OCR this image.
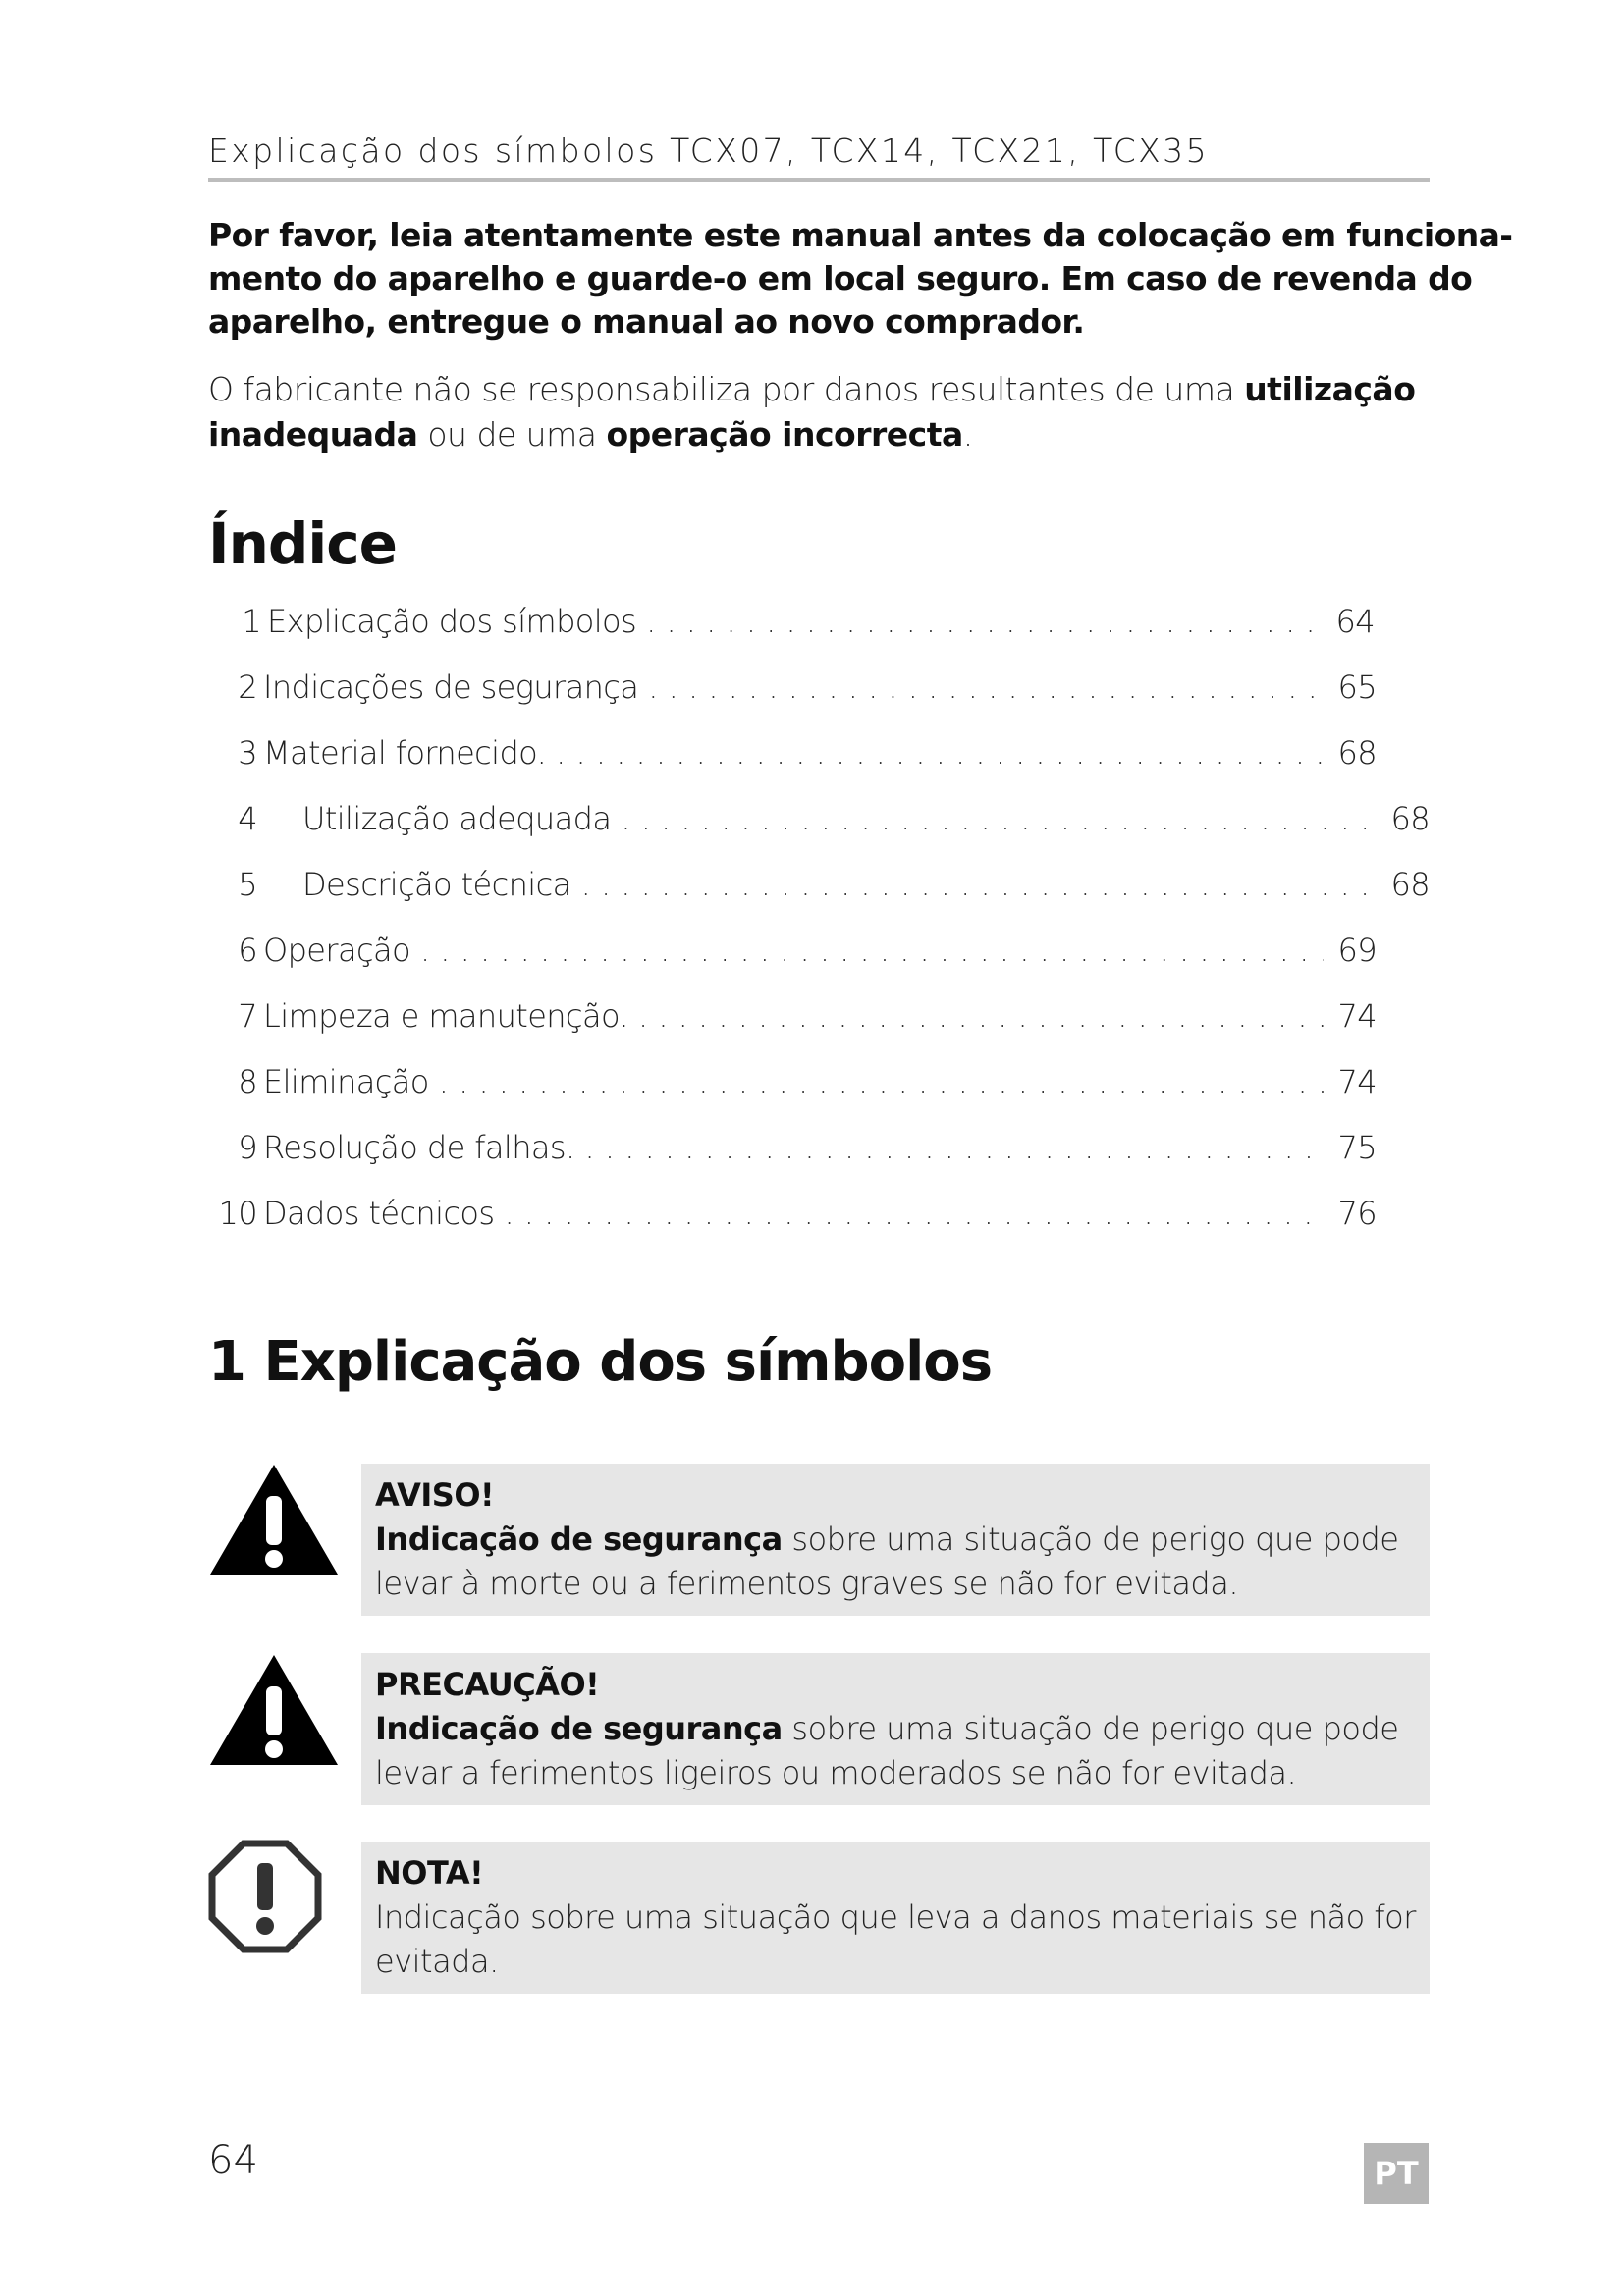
Explicação dos símbolos TCX07, TCX14, TCX21, TCX35
Por favor, leia atentamente este manual antes da colocação em funciona-
mento do aparelho e guarde-o em local seguro. Em caso de revenda do
aparelho, entregue o manual ao novo comprador.
O fabricante não se responsabiliza por danos resultantes de uma utilização
inadequada ou de uma operação incorrecta.
Índice
1 Explicação dos símbolos . . .	64
2 Indicações de segurança . . .	65
3 Material fornecido. . . .	68
4 Utilização adequada . . .	68
5 Descrição técnica . . .	68
6 Operação . . .	69
7 Limpeza e manutenção. . . .	74
8 Eliminação . . .	74
9 Resolução de falhas. . . .	75
10 Dados técnicos . . .	76
1 Explicação dos símbolos
AVISO!
Indicação de segurança sobre uma situação de perigo que pode
levar à morte ou a ferimentos graves se não for evitada.
PRECAUÇÃO!
Indicação de segurança sobre uma situação de perigo que pode
levar a ferimentos ligeiros ou moderados se não for evitada.
NOTA!
Indicação sobre uma situação que leva a danos materiais se não for
evitada.
64	PT
